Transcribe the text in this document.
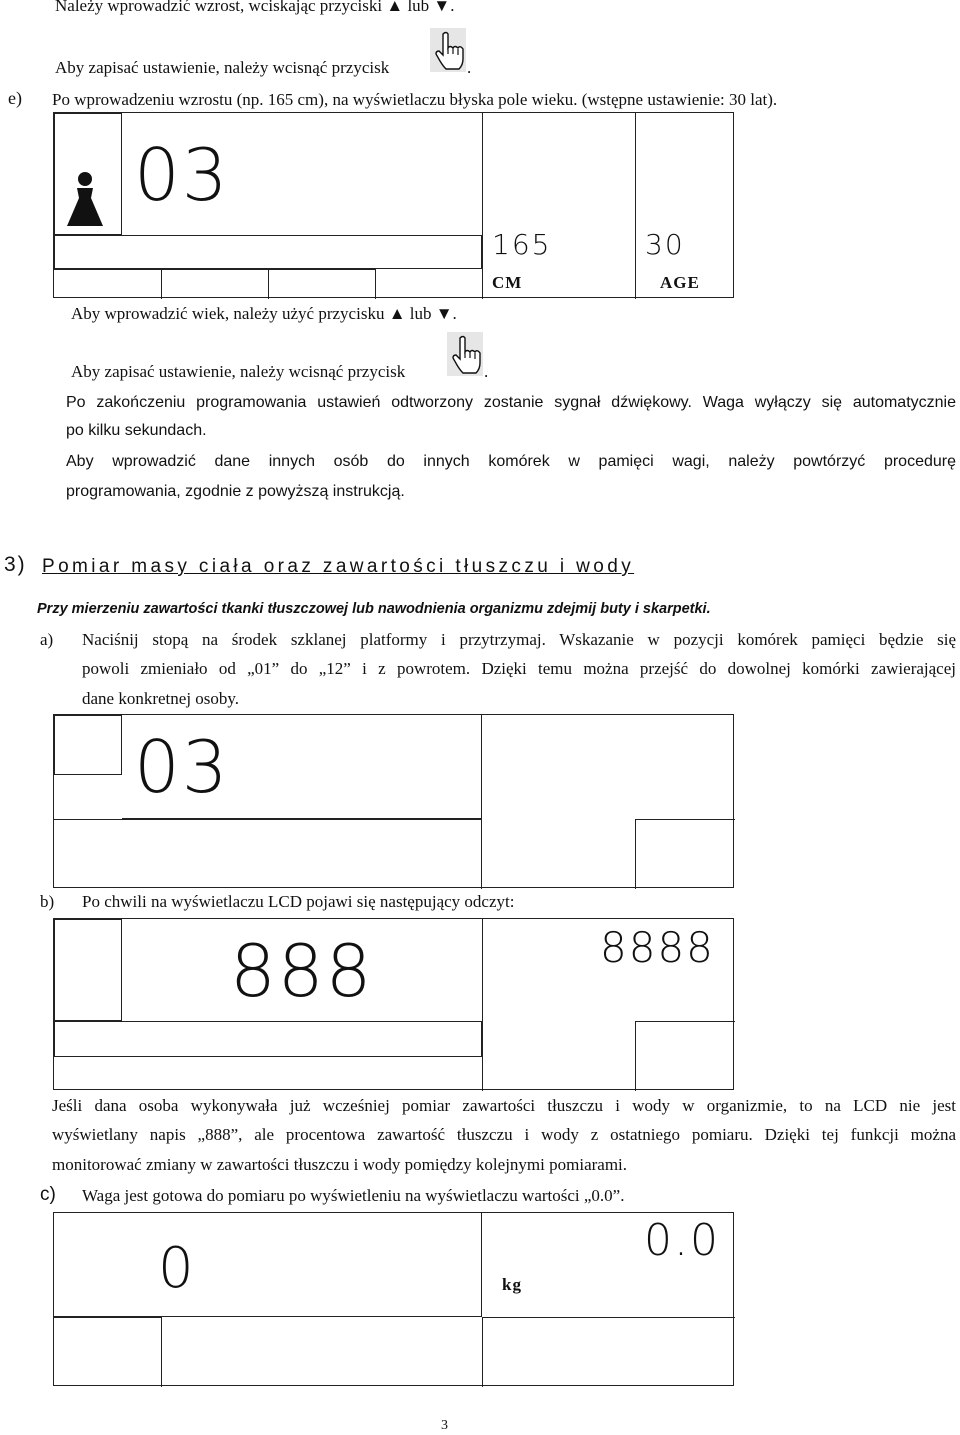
Należy wprowadzić wzrost, wciskając przyciski ▲ lub ▼.
Aby zapisać ustawienie, należy wcisnąć przycisk	.
e) Po wprowadzeniu wzrostu (np. 165 cm), na wyświetlaczu błyska pole wieku. (wstępne ustawienie: 30 lat).
03
165	30
CM	AGE
Aby wprowadzić wiek, należy użyć przycisku ▲ lub ▼.
Aby zapisać ustawienie, należy wcisnąć przycisk	.
Po zakończeniu programowania ustawień odtworzony zostanie sygnał dźwiękowy. Waga wyłączy się automatycznie
po kilku sekundach.
Aby wprowadzić dane innych osób do innych komórek w pamięci wagi, należy powtórzyć procedurę
programowania, zgodnie z powyższą instrukcją.
3) Pomiar masy ciała oraz zawartości tłuszczu i wody
Przy mierzeniu zawartości tkanki tłuszczowej lub nawodnienia organizmu zdejmij buty i skarpetki.
a) Naciśnij stopą na środek szklanej platformy i przytrzymaj. Wskazanie w pozycji komórek pamięci będzie się
powoli zmieniało od „01” do „12” i z powrotem. Dzięki temu można przejść do dowolnej komórki zawierającej
dane konkretnej osoby.
03
b) Po chwili na wyświetlaczu LCD pojawi się następujący odczyt:
888	8888
Jeśli dana osoba wykonywała już wcześniej pomiar zawartości tłuszczu i wody w organizmie, to na LCD nie jest
wyświetlany napis „888”, ale procentowa zawartość tłuszczu i wody z ostatniego pomiaru. Dzięki tej funkcji można
monitorować zmiany w zawartości tłuszczu i wody pomiędzy kolejnymi pomiarami.
c) Waga jest gotowa do pomiaru po wyświetleniu na wyświetlaczu wartości „0.0”.
0	0.0
kg
3
